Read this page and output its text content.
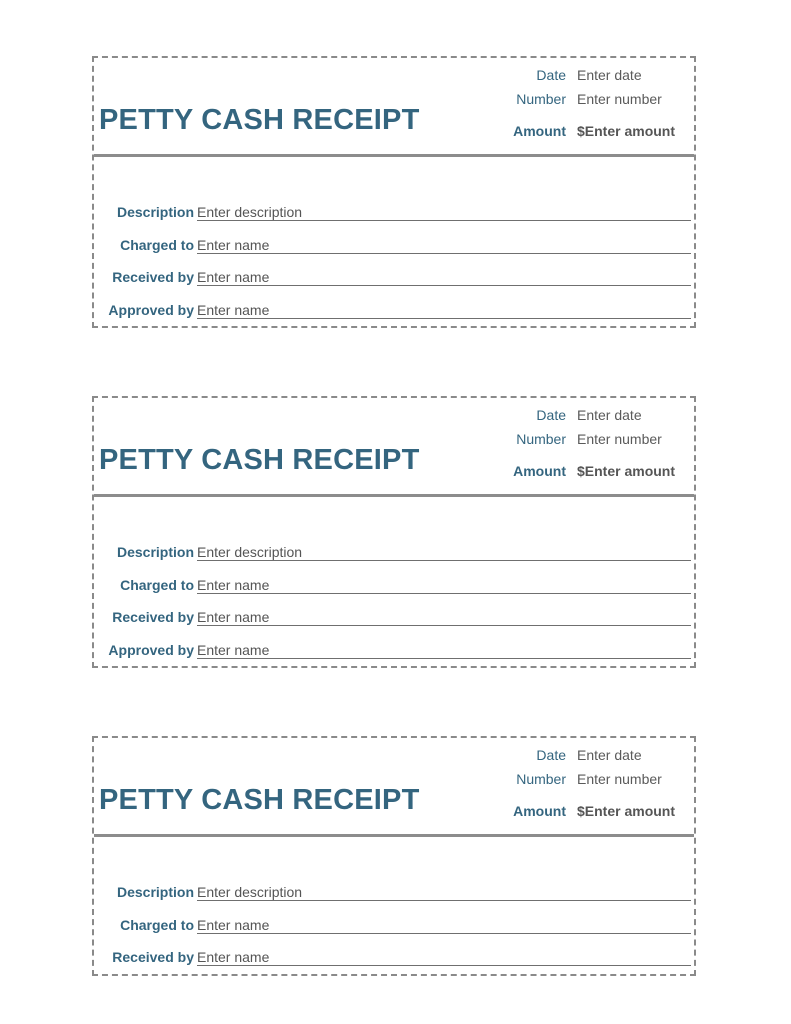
PETTY CASH RECEIPT
Date Enter date
Number Enter number
Amount $Enter amount
Description Enter description
Charged to Enter name
Received by Enter name
Approved by Enter name
PETTY CASH RECEIPT
Date Enter date
Number Enter number
Amount $Enter amount
Description Enter description
Charged to Enter name
Received by Enter name
Approved by Enter name
PETTY CASH RECEIPT
Date Enter date
Number Enter number
Amount $Enter amount
Description Enter description
Charged to Enter name
Received by Enter name
